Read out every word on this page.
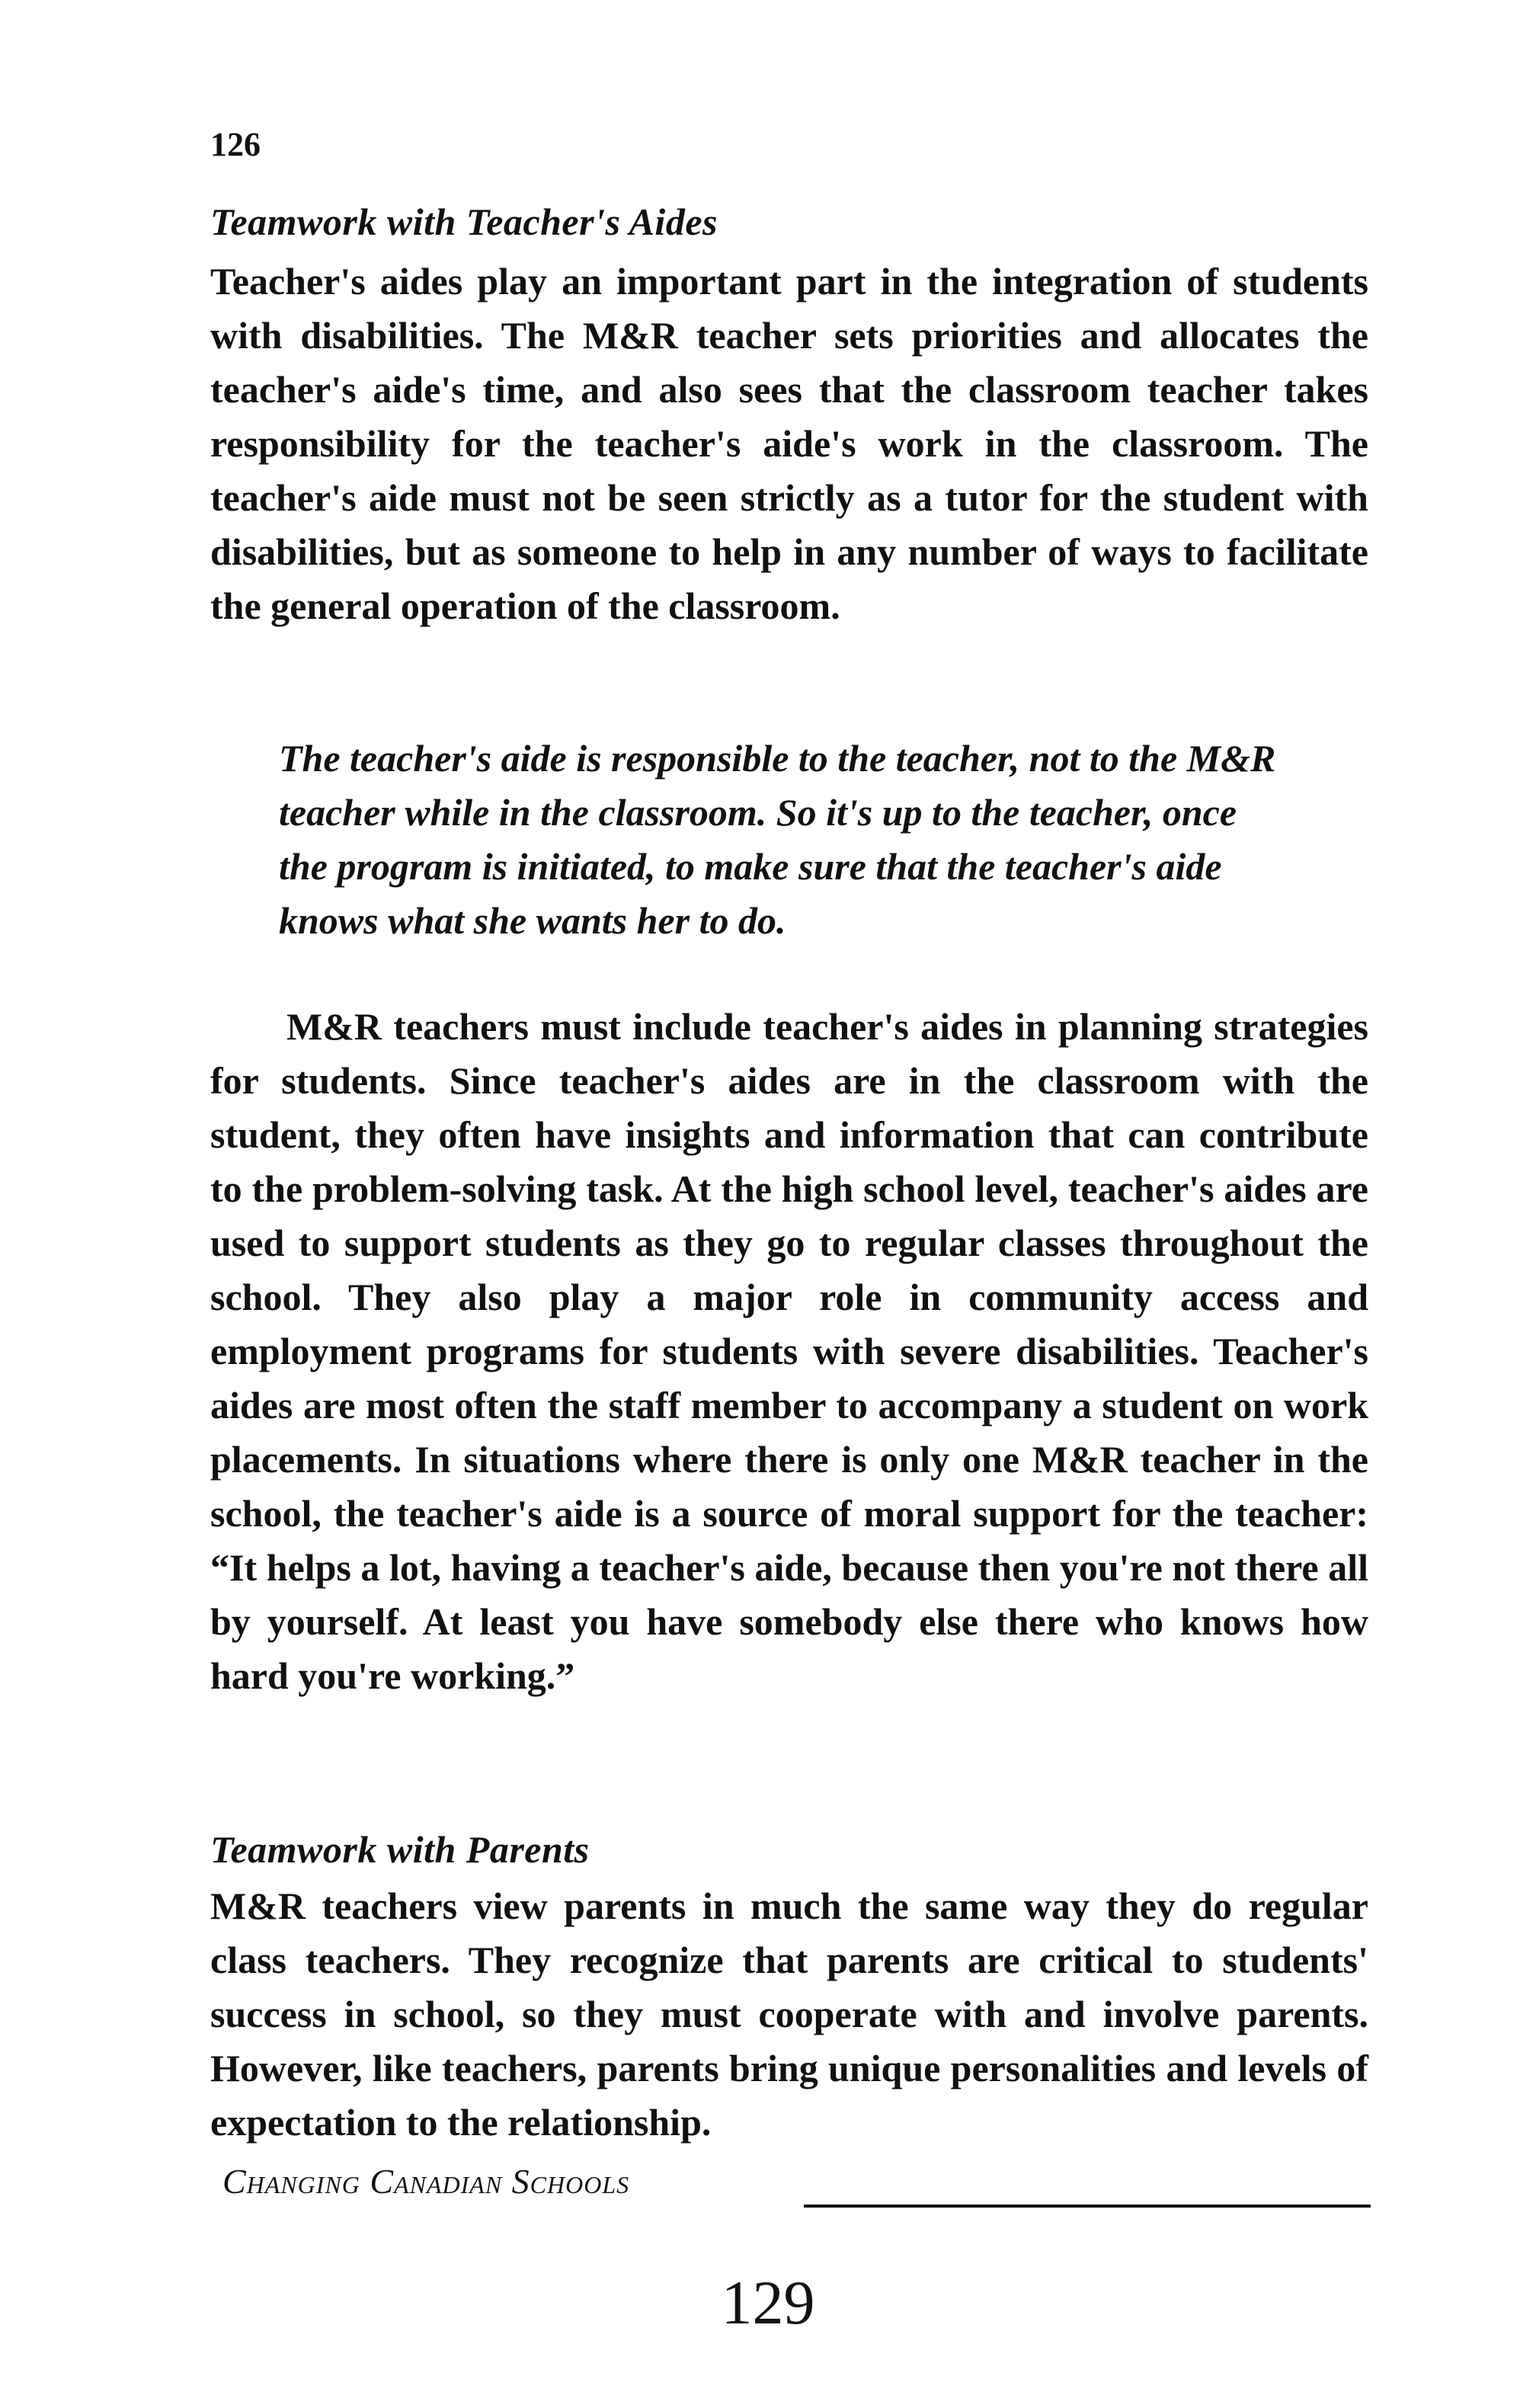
126
Teamwork with Teacher's Aides
Teacher's aides play an important part in the integration of students with disabilities. The M&R teacher sets priorities and allocates the teacher's aide's time, and also sees that the classroom teacher takes responsibility for the teacher's aide's work in the classroom. The teacher's aide must not be seen strictly as a tutor for the student with disabilities, but as someone to help in any number of ways to facilitate the general operation of the classroom.
The teacher's aide is responsible to the teacher, not to the M&R teacher while in the classroom. So it's up to the teacher, once the program is initiated, to make sure that the teacher's aide knows what she wants her to do.
M&R teachers must include teacher's aides in planning strategies for students. Since teacher's aides are in the classroom with the student, they often have insights and information that can contribute to the problem-solving task. At the high school level, teacher's aides are used to support students as they go to regular classes throughout the school. They also play a major role in community access and employment programs for students with severe disabilities. Teacher's aides are most often the staff member to accompany a student on work placements. In situations where there is only one M&R teacher in the school, the teacher's aide is a source of moral support for the teacher: “It helps a lot, having a teacher's aide, because then you're not there all by yourself. At least you have somebody else there who knows how hard you're working.”
Teamwork with Parents
M&R teachers view parents in much the same way they do regular class teachers. They recognize that parents are critical to students' success in school, so they must cooperate with and involve parents. However, like teachers, parents bring unique personalities and levels of expectation to the relationship.
Changing Canadian Schools
129
